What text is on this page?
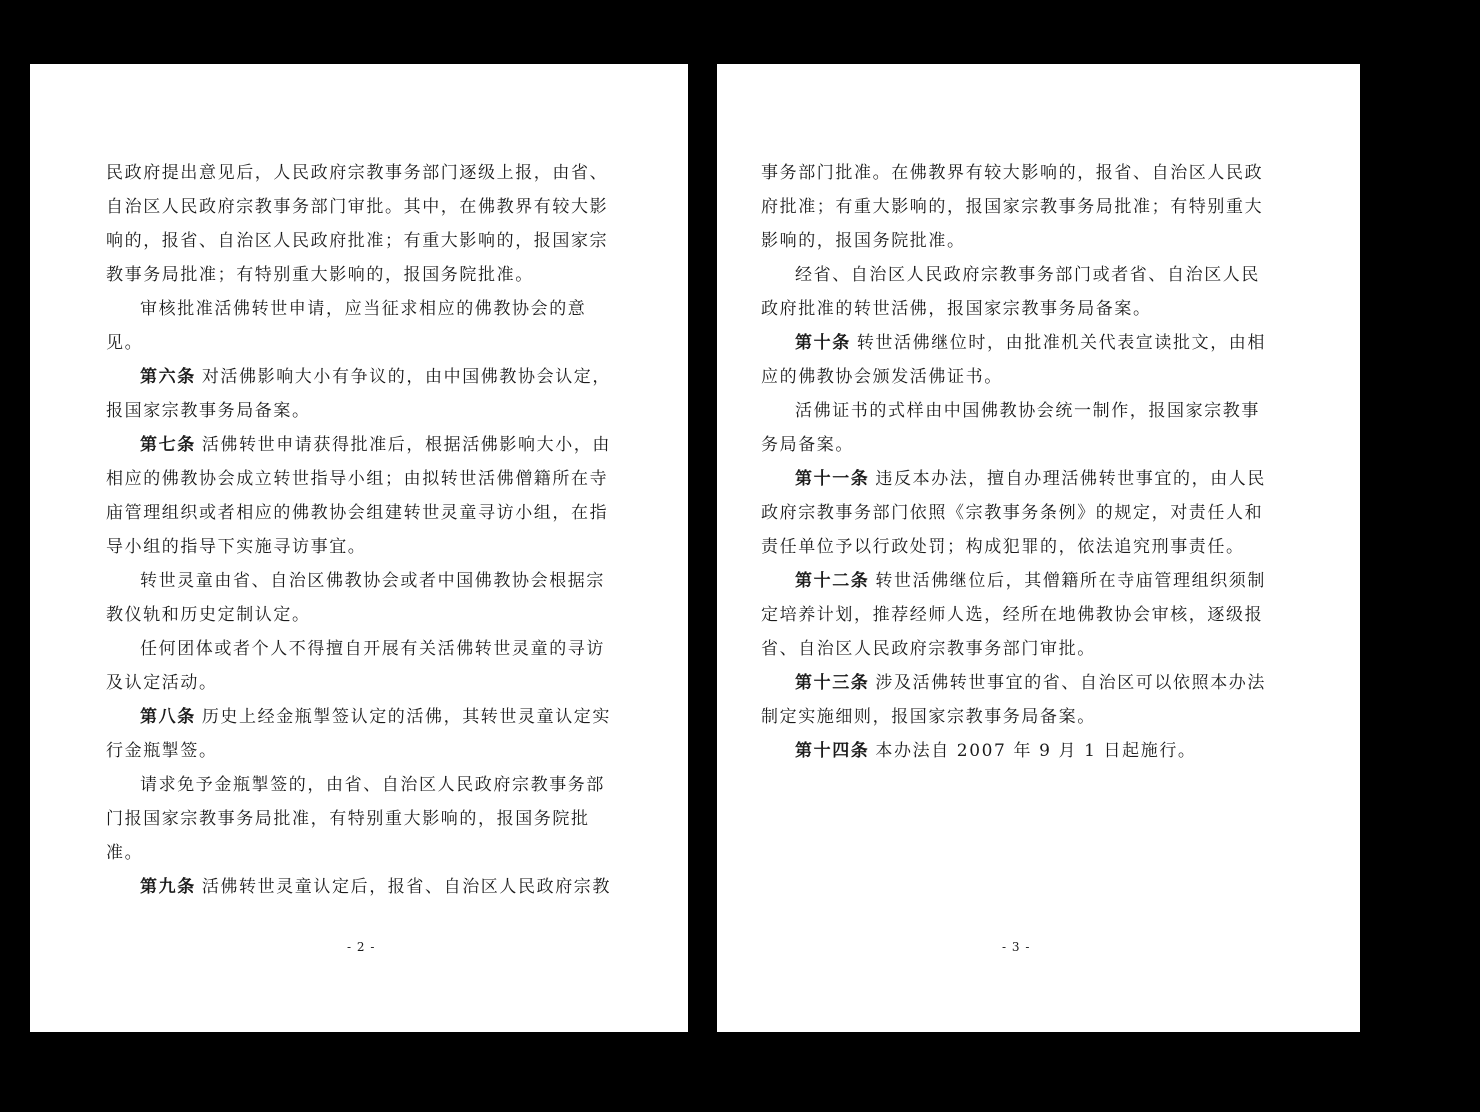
民政府提出意见后，人民政府宗教事务部门逐级上报，由省、自治区人民政府宗教事务部门审批。其中，在佛教界有较大影响的，报省、自治区人民政府批准；有重大影响的，报国家宗教事务局批准；有特别重大影响的，报国务院批准。

审核批准活佛转世申请，应当征求相应的佛教协会的意见。

第六条 对活佛影响大小有争议的，由中国佛教协会认定，报国家宗教事务局备案。

第七条 活佛转世申请获得批准后，根据活佛影响大小，由相应的佛教协会成立转世指导小组；由拟转世活佛僧籍所在寺庙管理组织或者相应的佛教协会组建转世灵童寻访小组，在指导小组的指导下实施寻访事宜。

转世灵童由省、自治区佛教协会或者中国佛教协会根据宗教仪轨和历史定制认定。

任何团体或者个人不得擅自开展有关活佛转世灵童的寻访及认定活动。

第八条 历史上经金瓶掣签认定的活佛，其转世灵童认定实行金瓶掣签。

请求免予金瓶掣签的，由省、自治区人民政府宗教事务部门报国家宗教事务局批准，有特别重大影响的，报国务院批准。

第九条 活佛转世灵童认定后，报省、自治区人民政府宗教

- 2 -

事务部门批准。在佛教界有较大影响的，报省、自治区人民政府批准；有重大影响的，报国家宗教事务局批准；有特别重大影响的，报国务院批准。

经省、自治区人民政府宗教事务部门或者省、自治区人民政府批准的转世活佛，报国家宗教事务局备案。

第十条 转世活佛继位时，由批准机关代表宣读批文，由相应的佛教协会颁发活佛证书。

活佛证书的式样由中国佛教协会统一制作，报国家宗教事务局备案。

第十一条 违反本办法，擅自办理活佛转世事宜的，由人民政府宗教事务部门依照《宗教事务条例》的规定，对责任人和责任单位予以行政处罚；构成犯罪的，依法追究刑事责任。

第十二条 转世活佛继位后，其僧籍所在寺庙管理组织须制定培养计划，推荐经师人选，经所在地佛教协会审核，逐级报省、自治区人民政府宗教事务部门审批。

第十三条 涉及活佛转世事宜的省、自治区可以依照本办法制定实施细则，报国家宗教事务局备案。

第十四条 本办法自 2007 年 9 月 1 日起施行。

- 3 -
